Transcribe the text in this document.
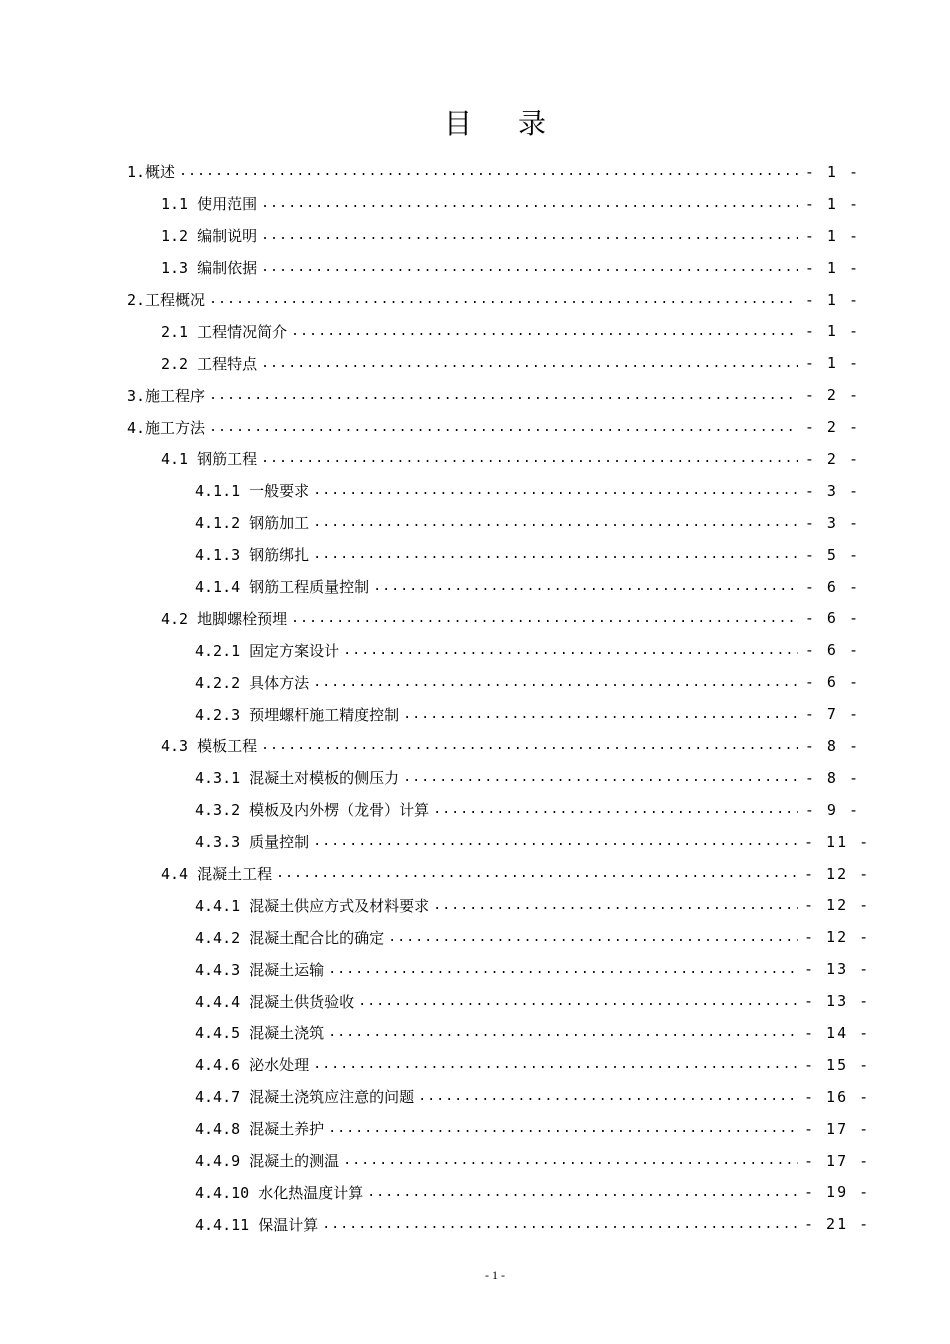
目 录
1.概述 .....	- 1 -
1.1 使用范围 .....	- 1 -
1.2 编制说明 .....	- 1 -
1.3 编制依据 .....	- 1 -
2.工程概况 .....	- 1 -
2.1 工程情况简介 .....	- 1 -
2.2 工程特点 .....	- 1 -
3.施工程序 .....	- 2 -
4.施工方法 .....	- 2 -
4.1 钢筋工程 .....	- 2 -
4.1.1 一般要求 .....	- 3 -
4.1.2 钢筋加工 .....	- 3 -
4.1.3 钢筋绑扎 .....	- 5 -
4.1.4 钢筋工程质量控制 .....	- 6 -
4.2 地脚螺栓预埋 .....	- 6 -
4.2.1 固定方案设计 .....	- 6 -
4.2.2 具体方法 .....	- 6 -
4.2.3 预埋螺杆施工精度控制 .....	- 7 -
4.3 模板工程 .....	- 8 -
4.3.1 混凝土对模板的侧压力 .....	- 8 -
4.3.2 模板及内外楞（龙骨）计算 .....	- 9 -
4.3.3 质量控制 .....	- 11 -
4.4 混凝土工程 .....	- 12 -
4.4.1 混凝土供应方式及材料要求 .....	- 12 -
4.4.2 混凝土配合比的确定 .....	- 12 -
4.4.3 混凝土运输 .....	- 13 -
4.4.4 混凝土供货验收 .....	- 13 -
4.4.5 混凝土浇筑 .....	- 14 -
4.4.6 泌水处理 .....	- 15 -
4.4.7 混凝土浇筑应注意的问题 .....	- 16 -
4.4.8 混凝土养护 .....	- 17 -
4.4.9 混凝土的测温 .....	- 17 -
4.4.10 水化热温度计算 .....	- 19 -
4.4.11 保温计算 .....	- 21 -
- 1 -
